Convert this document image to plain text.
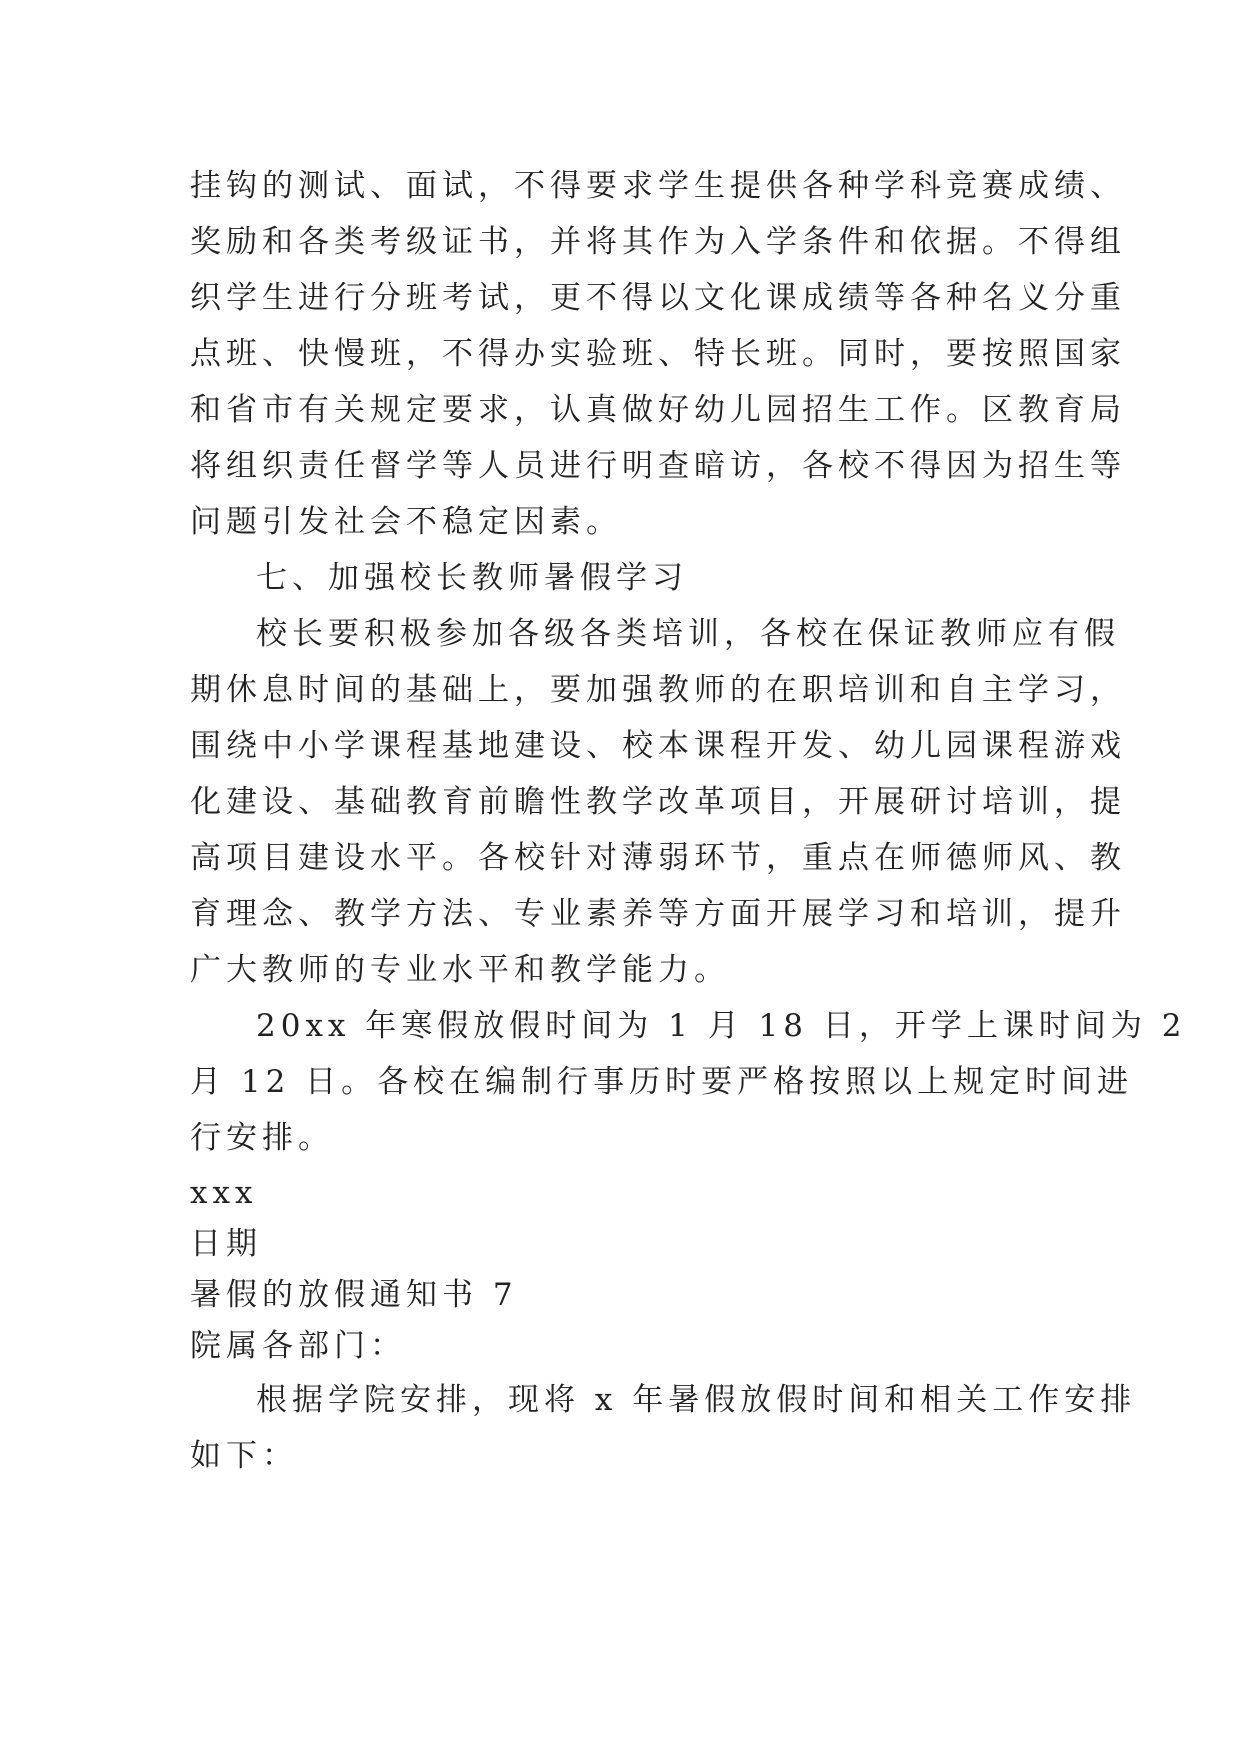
挂钩的测试、面试，不得要求学生提供各种学科竞赛成绩、
奖励和各类考级证书，并将其作为入学条件和依据。不得组
织学生进行分班考试，更不得以文化课成绩等各种名义分重
点班、快慢班，不得办实验班、特长班。同时，要按照国家
和省市有关规定要求，认真做好幼儿园招生工作。区教育局
将组织责任督学等人员进行明查暗访，各校不得因为招生等
问题引发社会不稳定因素。
七、加强校长教师暑假学习
校长要积极参加各级各类培训，各校在保证教师应有假
期休息时间的基础上，要加强教师的在职培训和自主学习，
围绕中小学课程基地建设、校本课程开发、幼儿园课程游戏
化建设、基础教育前瞻性教学改革项目，开展研讨培训，提
高项目建设水平。各校针对薄弱环节，重点在师德师风、教
育理念、教学方法、专业素养等方面开展学习和培训，提升
广大教师的专业水平和教学能力。
20xx 年寒假放假时间为 1 月 18 日，开学上课时间为 2
月 12 日。各校在编制行事历时要严格按照以上规定时间进
行安排。
xxx
日期
暑假的放假通知书 7
院属各部门：
根据学院安排，现将 x 年暑假放假时间和相关工作安排
如下：
